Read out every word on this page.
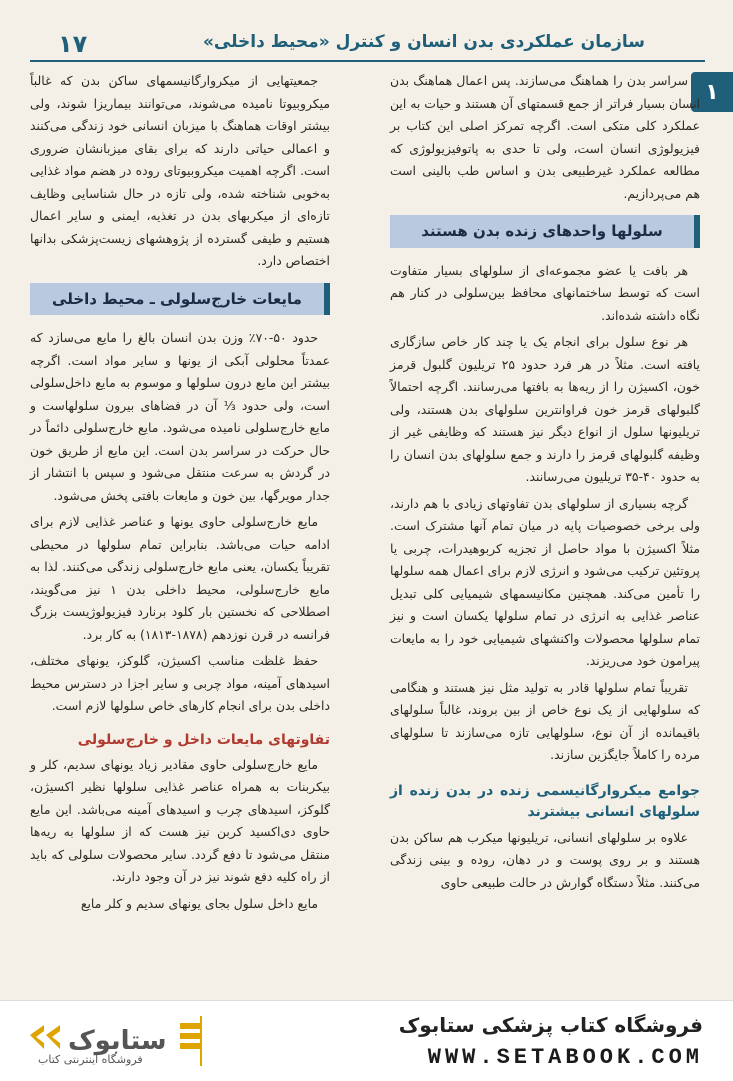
۱۷	سازمان عملکردی بدن انسان و کنترل «محیط داخلی»
۱

جمعیتهایی از میکروارگانیسمهای ساکن بدن که غالباً میکروبیوتا نامیده می‌شوند، می‌توانند بیماریزا شوند، ولی بیشتر اوقات هماهنگ با میزبان انسانی خود زندگی می‌کنند و اعمالی حیاتی دارند که برای بقای میزبانشان ضروری است. اگرچه اهمیت میکروبیوتای روده در هضم مواد غذایی به‌خوبی شناخته شده، ولی تازه در حال شناسایی وظایف تازه‌ای از میکربهای بدن در تغذیه، ایمنی و سایر اعمال هستیم و طیفی گسترده از پژوهشهای زیست‌پزشکی بدانها اختصاص دارد.

مایعات خارج‌سلولی ـ محیط داخلی

حدود ۵۰-۷۰٪ وزن بدن انسان بالغ را مایع می‌سازد که عمدتاً محلولی آبکی از یونها و سایر مواد است. اگرچه بیشتر این مایع درون سلولها و موسوم به مایع داخل‌سلولی است، ولی حدود ⅓ آن در فضاهای بیرون سلولهاست و مایع خارج‌سلولی نامیده می‌شود. مایع خارج‌سلولی دائماً در حال حرکت در سراسر بدن است. این مایع از طریق خون در گردش به سرعت منتقل می‌شود و سپس با انتشار از جدار مویرگها، بین خون و مایعات بافتی پخش می‌شود.

مایع خارج‌سلولی حاوی یونها و عناصر غذایی لازم برای ادامه حیات می‌باشد. بنابراین تمام سلولها در محیطی تقریباً یکسان، یعنی مایع خارج‌سلولی زندگی می‌کنند. لذا به مایع خارج‌سلولی، محیط داخلی بدن ۱ نیز می‌گویند، اصطلاحی که نخستین بار کلود برنارد فیزیولوژیست بزرگ فرانسه در قرن نوزدهم (۱۸۷۸-۱۸۱۳) به کار برد.

حفظ غلظت مناسب اکسیژن، گلوکز، یونهای مختلف، اسیدهای آمینه، مواد چربی و سایر اجزا در دسترس محیط داخلی بدن برای انجام کارهای خاص سلولها لازم است.

تفاوتهای مایعات داخل و خارج‌سلولی

مایع خارج‌سلولی حاوی مقادیر زیاد یونهای سدیم، کلر و بیکربنات به همراه عناصر غذایی سلولها نظیر اکسیژن، گلوکز، اسیدهای چرب و اسیدهای آمینه می‌باشد. این مایع حاوی دی‌اکسید کربن نیز هست که از سلولها به ریه‌ها منتقل می‌شود تا دفع گردد. سایر محصولات سلولی که باید از راه کلیه دفع شوند نیز در آن وجود دارند.

مایع داخل سلول بجای یونهای سدیم و کلر مایع

سراسر بدن را هماهنگ می‌سازند. پس اعمال هماهنگ بدن انسان بسیار فراتر از جمع قسمتهای آن هستند و حیات به این عملکرد کلی متکی است. اگرچه تمرکز اصلی این کتاب بر فیزیولوژی انسان است، ولی تا حدی به پاتوفیزیولوژی که مطالعه عملکرد غیرطبیعی بدن و اساس طب بالینی است هم می‌پردازیم.

سلولها واحدهای زنده بدن هستند

هر بافت یا عضو مجموعه‌ای از سلولهای بسیار متفاوت است که توسط ساختمانهای محافظ بین‌سلولی در کنار هم نگاه داشته شده‌اند.

هر نوع سلول برای انجام یک یا چند کار خاص سازگاری یافته است. مثلاً در هر فرد حدود ۲۵ تریلیون گلبول قرمز خون، اکسیژن را از ریه‌ها به بافتها می‌رسانند. اگرچه احتمالاً گلبولهای قرمز خون فراوانترین سلولهای بدن هستند، ولی تریلیونها سلول از انواع دیگر نیز هستند که وظایفی غیر از وظیفه گلبولهای قرمز را دارند و جمع سلولهای بدن انسان را به حدود ۴۰-۳۵ تریلیون می‌رسانند.

گرچه بسیاری از سلولهای بدن تفاوتهای زیادی با هم دارند، ولی برخی خصوصیات پایه در میان تمام آنها مشترک است. مثلاً اکسیژن با مواد حاصل از تجزیه کربوهیدرات، چربی یا پروتئین ترکیب می‌شود و انرژی لازم برای اعمال همه سلولها را تأمین می‌کند. همچنین مکانیسمهای شیمیایی کلی تبدیل عناصر غذایی به انرژی در تمام سلولها یکسان است و نیز تمام سلولها محصولات واکنشهای شیمیایی خود را به مایعات پیرامون خود می‌ریزند.

تقریباً تمام سلولها قادر به تولید مثل نیز هستند و هنگامی که سلولهایی از یک نوع خاص از بین بروند، غالباً سلولهای باقیمانده از آن نوع، سلولهایی تازه می‌سازند تا سلولهای مرده را کاملاً جایگزین سازند.

جوامع میکروارگانیسمی زنده در بدن زنده از سلولهای انسانی بیشترند

علاوه بر سلولهای انسانی، تریلیونها میکرب هم ساکن بدن هستند و بر روی پوست و در دهان، روده و بینی زندگی می‌کنند. مثلاً دستگاه گوارش در حالت طبیعی حاوی

ستابوک
فروشگاه اینترنتی کتاب
فروشگاه کتاب پزشکی ستابوک
WWW.SETABOOK.COM
